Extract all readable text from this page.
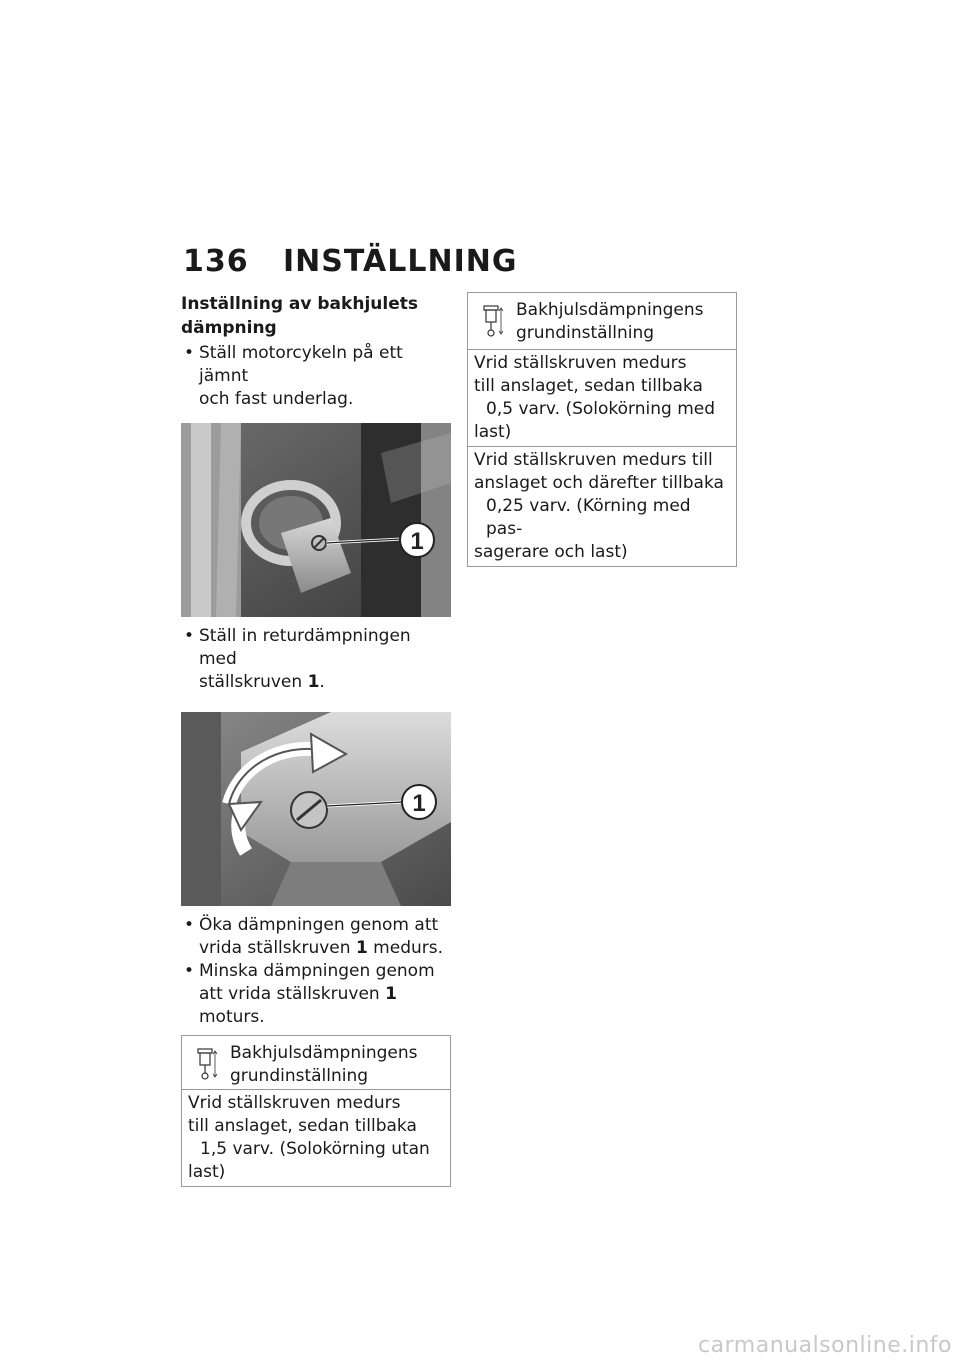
136 INSTÄLLNING
Inställning av bakhjulets
dämpning
• Ställ motorcykeln på ett jämnt
och fast underlag.
1
• Ställ in returdämpningen med
ställskruven 1.
1
• Öka dämpningen genom att
vrida ställskruven 1 medurs.
• Minska dämpningen genom
att vrida ställskruven 1
moturs.
Bakhjulsdämpningens
grundinställning
Vrid ställskruven medurs
till anslaget, sedan tillbaka
1,5 varv. (Solokörning utan
last)
Bakhjulsdämpningens
grundinställning
Vrid ställskruven medurs
till anslaget, sedan tillbaka
0,5 varv. (Solokörning med
last)
Vrid ställskruven medurs till
anslaget och därefter tillbaka
0,25 varv. (Körning med pas-
sagerare och last)
carmanualsonline.info
